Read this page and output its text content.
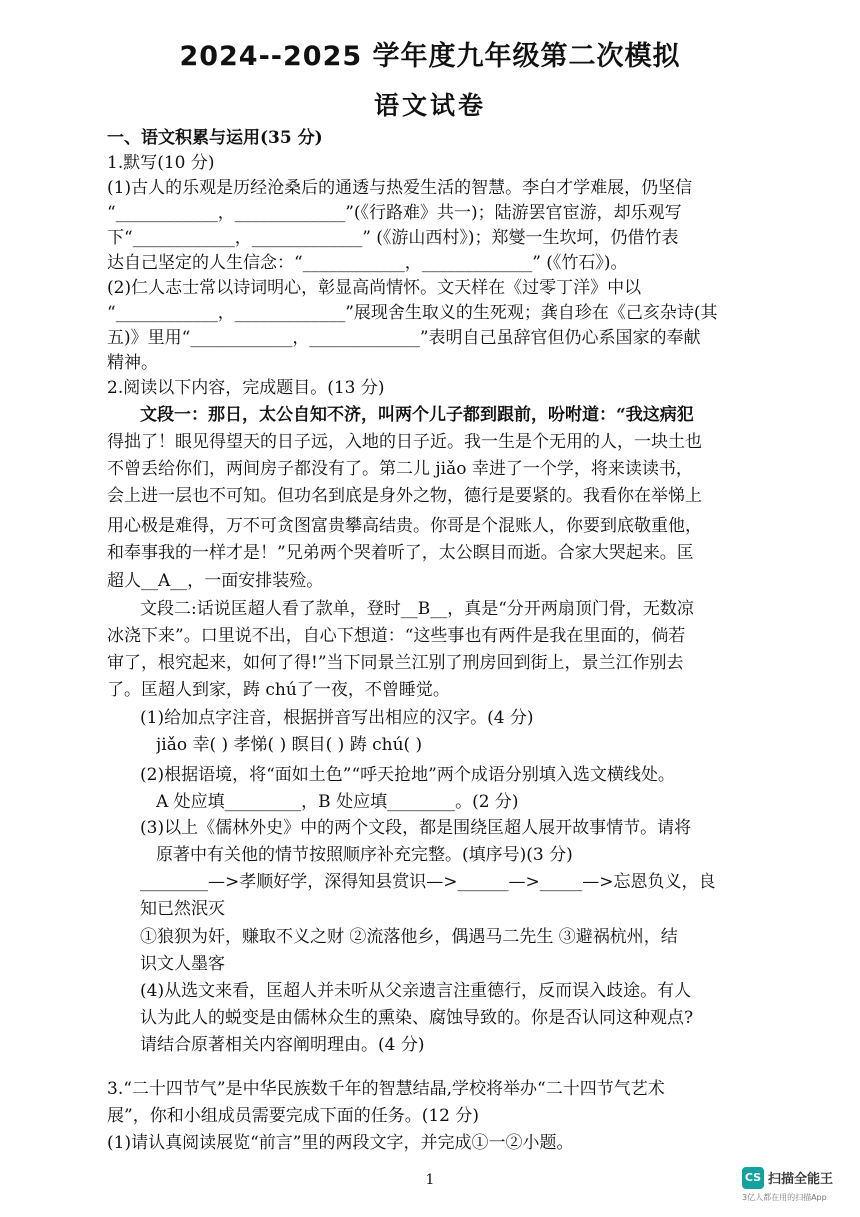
2024--2025 学年度九年级第二次模拟
语文试卷
一、语文积累与运用(35 分)
1.默写(10 分)
(1)古人的乐观是历经沧桑后的通透与热爱生活的智慧。李白才学难展，仍坚信
“____________，_____________”(《行路难》共一)；陆游罢官宦游，却乐观写
下“____________，_____________” (《游山西村》)；郑燮一生坎坷，仍借竹表
达自己坚定的人生信念：“____________，_____________” (《竹石》)。
(2)仁人志士常以诗词明心，彰显高尚情怀。文天样在《过零丁洋》中以
“____________，_____________”展现舍生取义的生死观；龚自珍在《己亥杂诗(其
五)》里用“____________，_____________”表明自己虽辞官但仍心系国家的奉献
精神。
2.阅读以下内容，完成题目。(13 分)
文段一：那日，太公自知不济，叫两个儿子都到跟前，吩咐道：“我这病犯
得拙了！眼见得望天的日子远，入地的日子近。我一生是个无用的人，一块土也
不曾丢给你们，两间房子都没有了。第二儿 jiǎo 幸进了一个学，将来读读书，
会上进一层也不可知。但功名到底是身外之物，德行是要紧的。我看你在举悌上
用心极是难得，万不可贪图富贵攀高结贵。你哥是个混账人，你要到底敬重他，
和奉事我的一样才是！”兄弟两个哭着听了，太公瞑目而逝。合家大哭起来。匡
超人__A__，一面安排装殓。
文段二:话说匡超人看了款单，登时__B__，真是“分开两扇顶门骨，无数凉
冰浇下来”。口里说不出，自心下想道：“这些事也有两件是我在里面的，倘若
审了，根究起来，如何了得!”当下同景兰江别了刑房回到街上，景兰江作别去
了。匡超人到家，踌 chú了一夜，不曾睡觉。
(1)给加点字注音，根据拼音写出相应的汉字。(4 分)
jiǎo 幸( ) 孝悌( ) 瞑目( ) 踌 chú( )
(2)根据语境，将“面如土色”“呼天抢地”两个成语分别填入选文横线处。
A 处应填_________，B 处应填________。(2 分)
(3)以上《儒林外史》中的两个文段，都是围绕匡超人展开故事情节。请将
原著中有关他的情节按照顺序补充完整。(填序号)(3 分)
________—>孝顺好学，深得知县赏识—>______—>_____—>忘恩负义，良
知已然泯灭
①狼狈为奸，赚取不义之财 ②流落他乡，偶遇马二先生 ③避祸杭州，结
识文人墨客
(4)从选文来看，匡超人并未听从父亲遗言注重德行，反而误入歧途。有人
认为此人的蜕变是由儒林众生的熏染、腐蚀导致的。你是否认同这种观点?
请结合原著相关内容阐明理由。(4 分)
3.“二十四节气”是中华民族数千年的智慧结晶,学校将举办“二十四节气艺术
展”，你和小组成员需要完成下面的任务。(12 分)
(1)请认真阅读展览“前言”里的两段文字，并完成①一②小题。
1	CS 扫描全能王
3亿人都在用的扫描App
